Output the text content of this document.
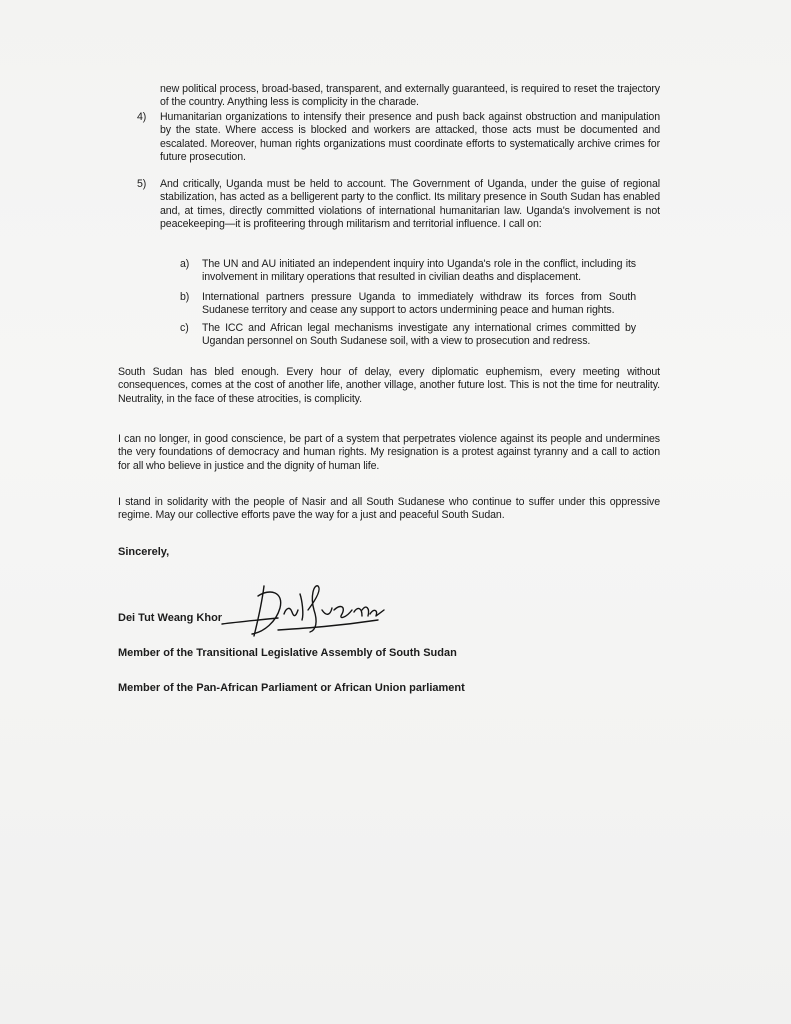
new political process, broad-based, transparent, and externally guaranteed, is required to reset the trajectory of the country. Anything less is complicity in the charade.
4)	Humanitarian organizations to intensify their presence and push back against obstruction and manipulation by the state. Where access is blocked and workers are attacked, those acts must be documented and escalated. Moreover, human rights organizations must coordinate efforts to systematically archive crimes for future prosecution.
5)	And critically, Uganda must be held to account. The Government of Uganda, under the guise of regional stabilization, has acted as a belligerent party to the conflict. Its military presence in South Sudan has enabled and, at times, directly committed violations of international humanitarian law. Uganda's involvement is not peacekeeping—it is profiteering through militarism and territorial influence. I call on:
a)	The UN and AU initiated an independent inquiry into Uganda's role in the conflict, including its involvement in military operations that resulted in civilian deaths and displacement.
b)	International partners pressure Uganda to immediately withdraw its forces from South Sudanese territory and cease any support to actors undermining peace and human rights.
c)	The ICC and African legal mechanisms investigate any international crimes committed by Ugandan personnel on South Sudanese soil, with a view to prosecution and redress.
South Sudan has bled enough. Every hour of delay, every diplomatic euphemism, every meeting without consequences, comes at the cost of another life, another village, another future lost. This is not the time for neutrality. Neutrality, in the face of these atrocities, is complicity.
I can no longer, in good conscience, be part of a system that perpetrates violence against its people and undermines the very foundations of democracy and human rights. My resignation is a protest against tyranny and a call to action for all who believe in justice and the dignity of human life.
I stand in solidarity with the people of Nasir and all South Sudanese who continue to suffer under this oppressive regime. May our collective efforts pave the way for a just and peaceful South Sudan.
Sincerely,
Dei Tut Weang Khor
Member of the Transitional Legislative Assembly of South Sudan
Member of the Pan-African Parliament or African Union parliament
